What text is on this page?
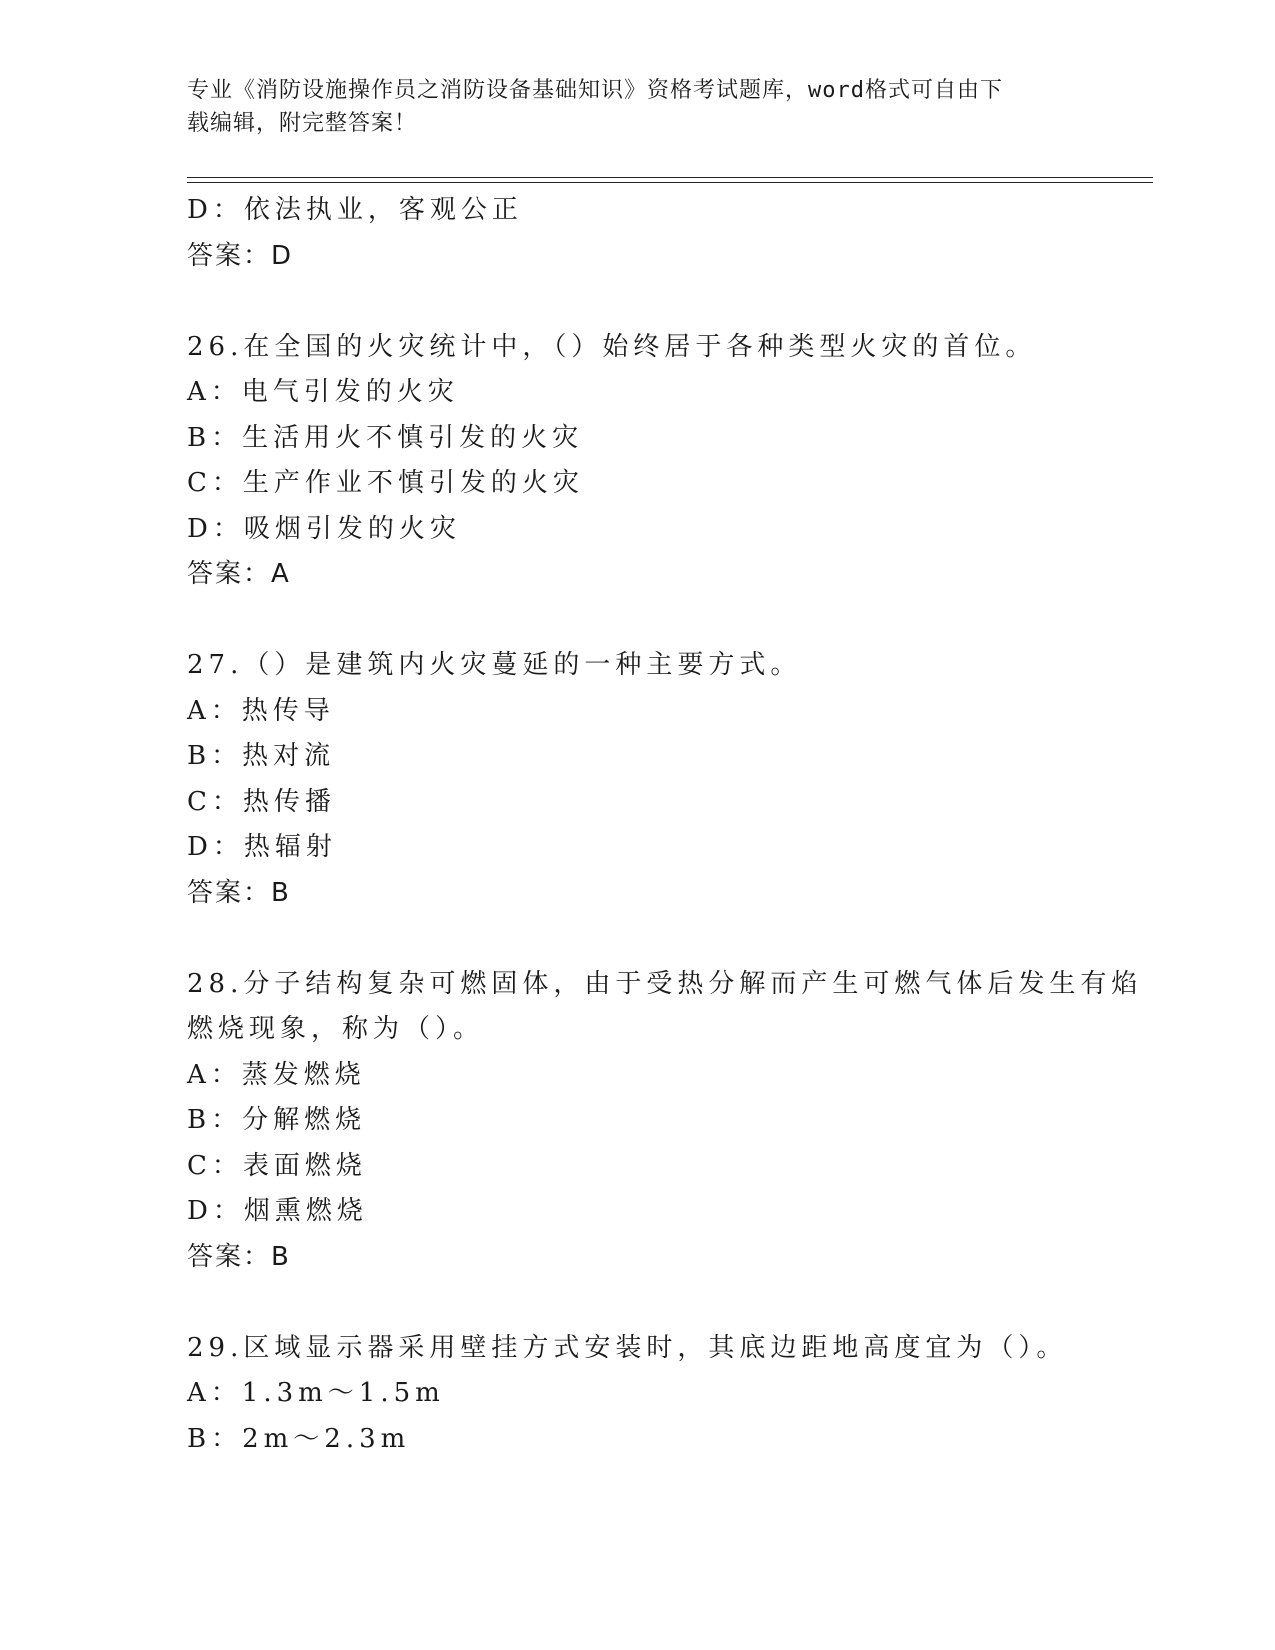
专业《消防设施操作员之消防设备基础知识》资格考试题库，word格式可自由下
载编辑，附完整答案！
D：依法执业，客观公正
答案：D
26.在全国的火灾统计中，（）始终居于各种类型火灾的首位。
A：电气引发的火灾
B：生活用火不慎引发的火灾
C：生产作业不慎引发的火灾
D：吸烟引发的火灾
答案：A
27.（）是建筑内火灾蔓延的一种主要方式。
A：热传导
B：热对流
C：热传播
D：热辐射
答案：B
28.分子结构复杂可燃固体，由于受热分解而产生可燃气体后发生有焰
燃烧现象，称为（）。
A：蒸发燃烧
B：分解燃烧
C：表面燃烧
D：烟熏燃烧
答案：B
29.区域显示器采用壁挂方式安装时，其底边距地高度宜为（）。
A：1.3m～1.5m
B：2m～2.3m
